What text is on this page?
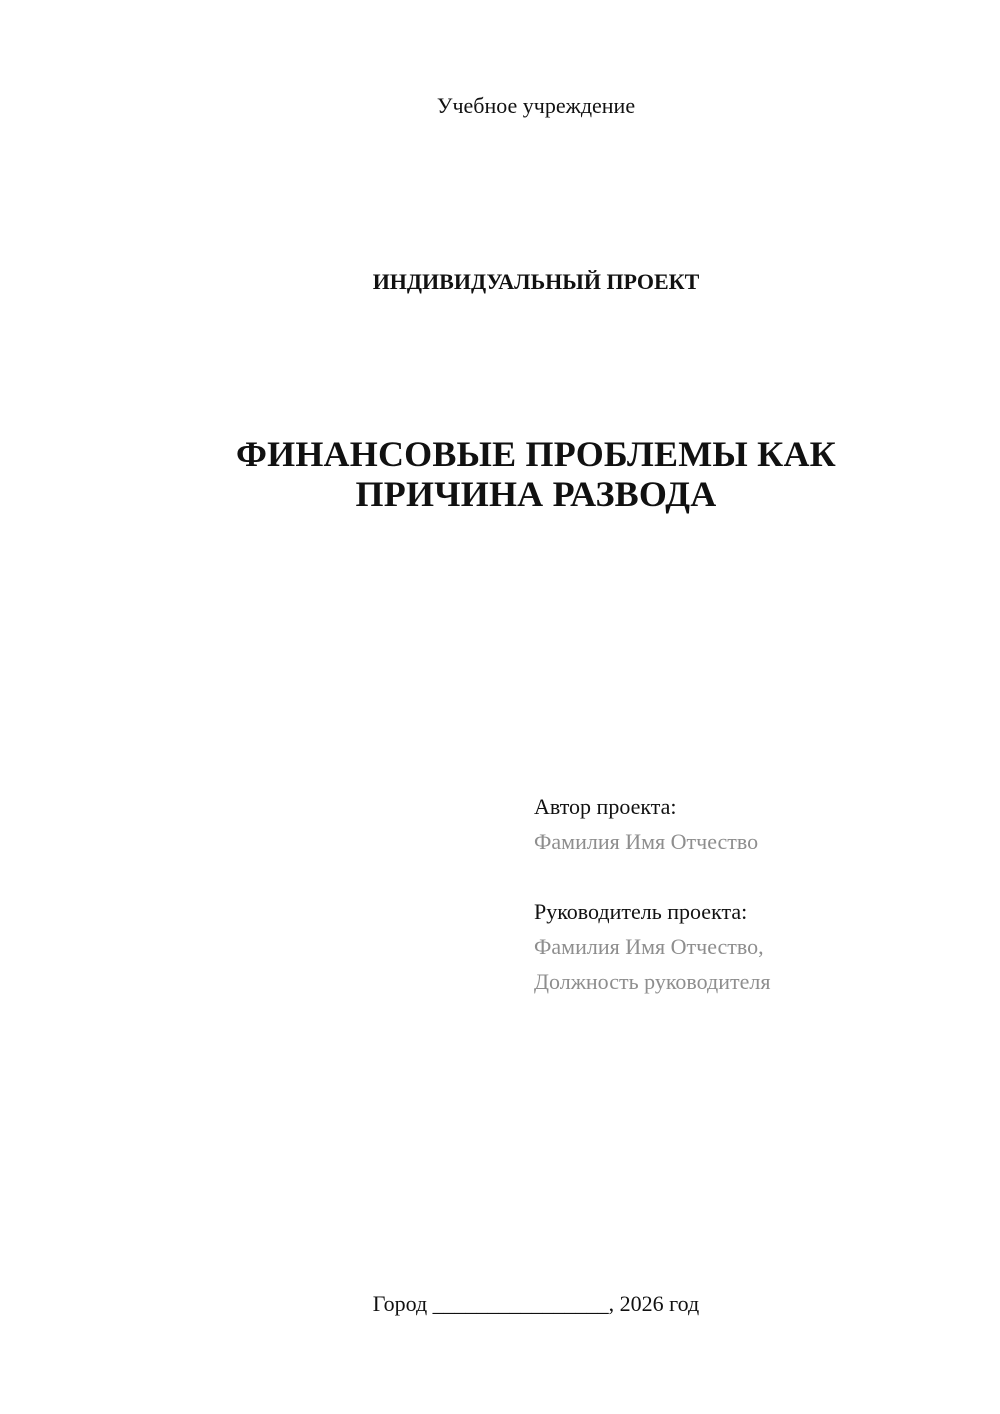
Учебное учреждение
ИНДИВИДУАЛЬНЫЙ ПРОЕКТ
ФИНАНСОВЫЕ ПРОБЛЕМЫ КАК
ПРИЧИНА РАЗВОДА
Автор проекта:
Фамилия Имя Отчество
Руководитель проекта:
Фамилия Имя Отчество,
Должность руководителя
Город ________________, 2026 год
